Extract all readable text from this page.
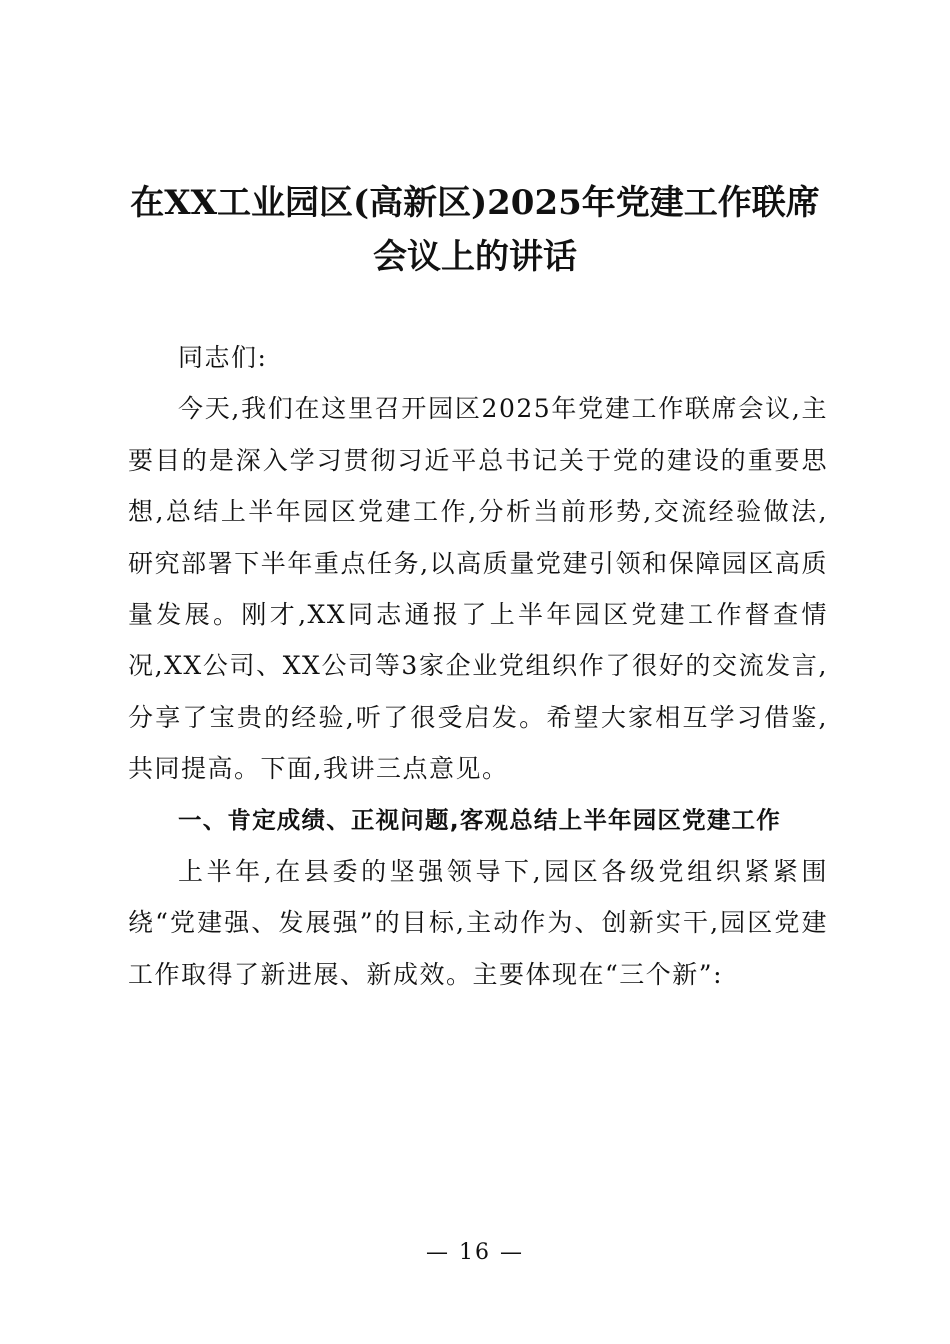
在XX工业园区(高新区)2025年党建工作联席
会议上的讲话

同志们:

今天,我们在这里召开园区2025年党建工作联席会议,主要目的是深入学习贯彻习近平总书记关于党的建设的重要思想,总结上半年园区党建工作,分析当前形势,交流经验做法,研究部署下半年重点任务,以高质量党建引领和保障园区高质量发展。刚才,XX同志通报了上半年园区党建工作督查情况,XX公司、XX公司等3家企业党组织作了很好的交流发言,分享了宝贵的经验,听了很受启发。希望大家相互学习借鉴,共同提高。下面,我讲三点意见。

一、肯定成绩、正视问题,客观总结上半年园区党建工作

上半年,在县委的坚强领导下,园区各级党组织紧紧围绕“党建强、发展强”的目标,主动作为、创新实干,园区党建工作取得了新进展、新成效。主要体现在“三个新”:

— 16 —
